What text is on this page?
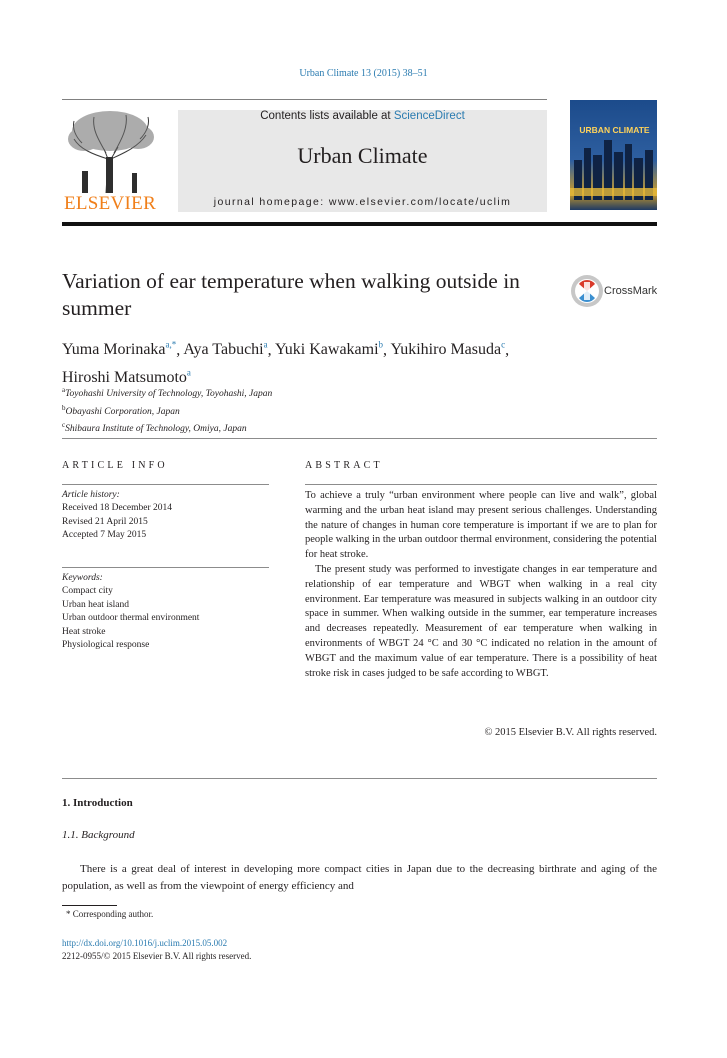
Urban Climate 13 (2015) 38–51
ELSEVIER
Contents lists available at ScienceDirect
Urban Climate
journal homepage: www.elsevier.com/locate/uclim
URBAN CLIMATE
Variation of ear temperature when walking outside in summer
CrossMark
Yuma Morinaka$^{a,*}$, Aya Tabuchi$^a$, Yuki Kawakami$^b$, Yukihiro Masuda$^c$,
Hiroshi Matsumoto$^a$
$^a$Toyohashi University of Technology, Toyohashi, Japan
$^b$Obayashi Corporation, Japan
$^c$Shibaura Institute of Technology, Omiya, Japan
ARTICLE INFO
Article history:
Received 18 December 2014
Revised 21 April 2015
Accepted 7 May 2015
Keywords:
Compact city
Urban heat island
Urban outdoor thermal environment
Heat stroke
Physiological response
ABSTRACT

To achieve a truly “urban environment where people can live and walk”, global warming and the urban heat island may present serious challenges. Understanding the nature of changes in human core temperature is important if we are to plan for people walking in the urban outdoor thermal environment, considering the potential for heat stroke.

The present study was performed to investigate changes in ear temperature and relationship of ear temperature and WBGT when walking in a real city environment. Ear temperature was measured in subjects walking in an outdoor city space in summer. When walking outside in the summer, ear temperature increases and decreases repeatedly. Measurement of ear temperature when walking in environments of WBGT 24 °C and 30 °C indicated no relation in the amount of WBGT and the maximum value of ear temperature. There is a possibility of heat stroke risk in cases judged to be safe according to WBGT.

© 2015 Elsevier B.V. All rights reserved.
1. Introduction
1.1. Background

There is a great deal of interest in developing more compact cities in Japan due to the decreasing birthrate and aging of the population, as well as from the viewpoint of energy efficiency and

* Corresponding author.
http://dx.doi.org/10.1016/j.uclim.2015.05.002
2212-0955/© 2015 Elsevier B.V. All rights reserved.
